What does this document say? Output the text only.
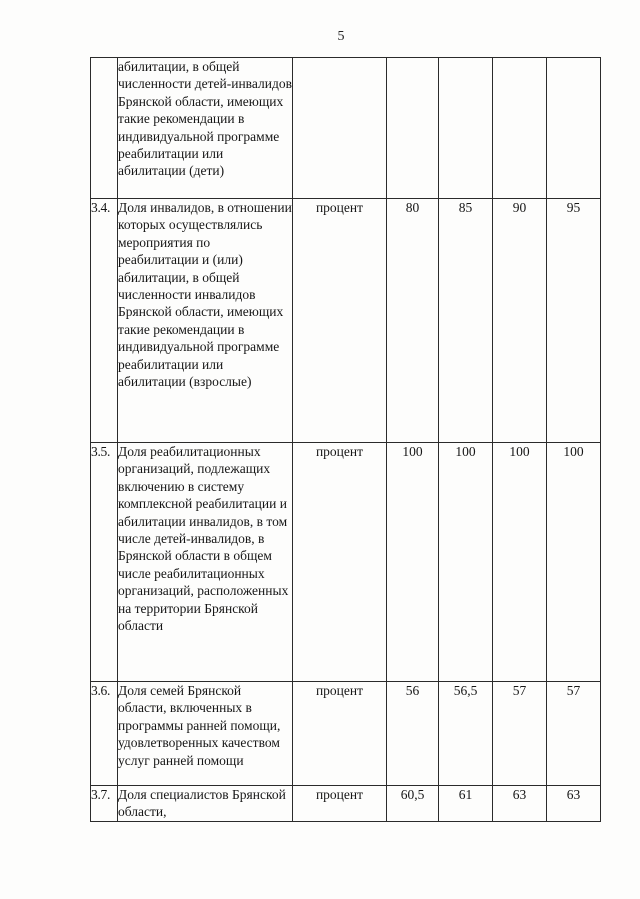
5
	абилитации, в общей численности детей-инвалидов Брянской области, имеющих такие рекомендации в индивидуальной программе реабилитации или абилитации (дети)					
3.4.	Доля инвалидов, в отношении которых осуществлялись мероприятия по реабилитации и (или) абилитации, в общей численности инвалидов Брянской области, имеющих такие рекомендации в индивидуальной программе реабилитации или абилитации (взрослые)	процент	80	85	90	95
3.5.	Доля реабилитационных организаций, подлежащих включению в систему комплексной реабилитации и абилитации инвалидов, в том числе детей-инвалидов, в Брянской области в общем числе реабилитационных организаций, расположенных на территории Брянской области	процент	100	100	100	100
3.6.	Доля семей Брянской области, включенных в программы ранней помощи, удовлетворенных качеством услуг ранней помощи	процент	56	56,5	57	57
3.7.	Доля специалистов Брянской области,	процент	60,5	61	63	63
